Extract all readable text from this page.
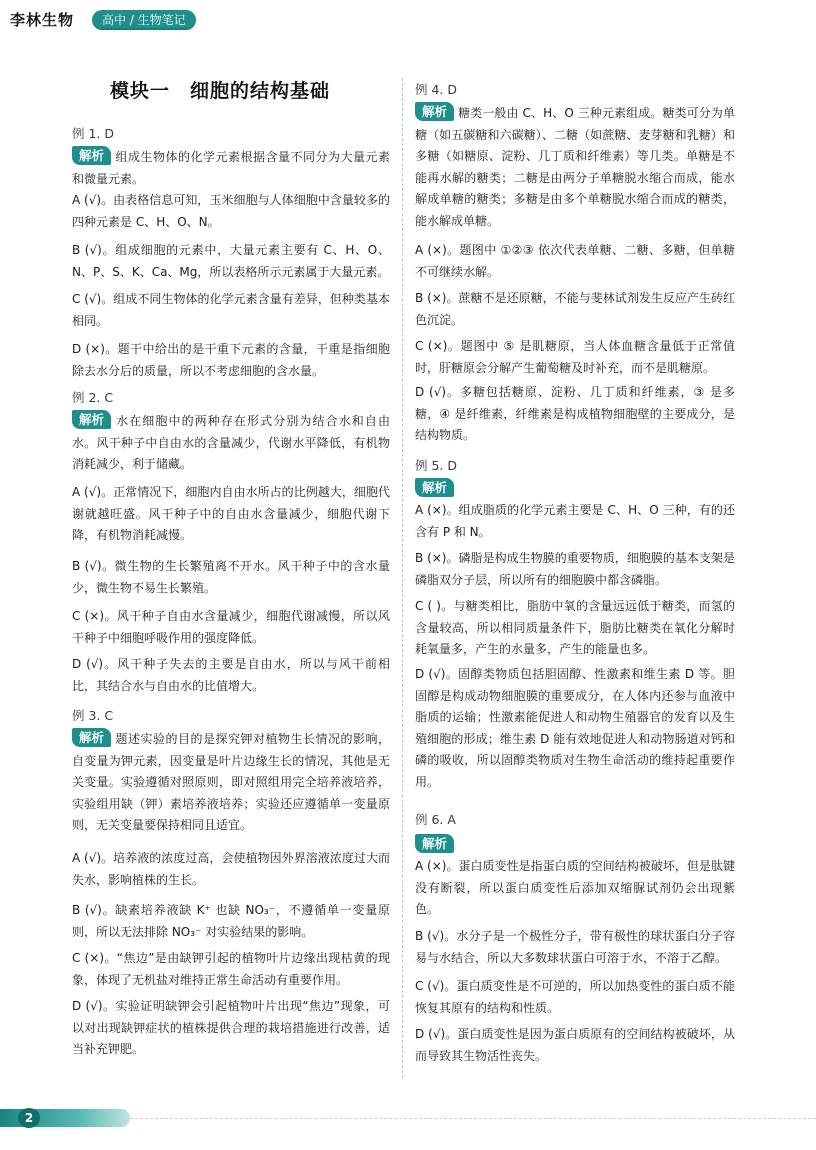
李林生物	高中 / 生物笔记
模块一　细胞的结构基础
例 1. D
解析 组成生物体的化学元素根据含量不同分为大量元素和微量元素。
A (√)。由表格信息可知，玉米细胞与人体细胞中含量较多的四种元素是 C、H、O、N。
B (√)。组成细胞的元素中，大量元素主要有 C、H、O、N、P、S、K、Ca、Mg，所以表格所示元素属于大量元素。
C (√)。组成不同生物体的化学元素含量有差异，但种类基本相同。
D (×)。题干中给出的是干重下元素的含量，干重是指细胞除去水分后的质量，所以不考虑细胞的含水量。
例 2. C
解析 水在细胞中的两种存在形式分别为结合水和自由水。风干种子中自由水的含量减少，代谢水平降低，有机物消耗减少，利于储藏。
A (√)。正常情况下，细胞内自由水所占的比例越大，细胞代谢就越旺盛。风干种子中的自由水含量减少，细胞代谢下降，有机物消耗减慢。
B (√)。微生物的生长繁殖离不开水。风干种子中的含水量少，微生物不易生长繁殖。
C (×)。风干种子自由水含量减少，细胞代谢减慢，所以风干种子中细胞呼吸作用的强度降低。
D (√)。风干种子失去的主要是自由水，所以与风干前相比，其结合水与自由水的比值增大。
例 3. C
解析 题述实验的目的是探究钾对植物生长情况的影响，自变量为钾元素，因变量是叶片边缘生长的情况，其他是无关变量。实验遵循对照原则，即对照组用完全培养液培养，实验组用缺（钾）素培养液培养；实验还应遵循单一变量原则，无关变量要保持相同且适宜。
A (√)。培养液的浓度过高，会使植物因外界溶液浓度过大而失水，影响植株的生长。
B (√)。缺素培养液缺 K⁺ 也缺 NO₃⁻，不遵循单一变量原则，所以无法排除 NO₃⁻ 对实验结果的影响。
C (×)。“焦边”是由缺钾引起的植物叶片边缘出现枯黄的现象，体现了无机盐对维持正常生命活动有重要作用。
D (√)。实验证明缺钾会引起植物叶片出现“焦边”现象，可以对出现缺钾症状的植株提供合理的栽培措施进行改善，适当补充钾肥。
例 4. D
解析 糖类一般由 C、H、O 三种元素组成。糖类可分为单糖（如五碳糖和六碳糖）、二糖（如蔗糖、麦芽糖和乳糖）和多糖（如糖原、淀粉、几丁质和纤维素）等几类。单糖是不能再水解的糖类；二糖是由两分子单糖脱水缩合而成，能水解成单糖的糖类；多糖是由多个单糖脱水缩合而成的糖类，能水解成单糖。
A (×)。题图中 ①②③ 依次代表单糖、二糖、多糖，但单糖不可继续水解。
B (×)。蔗糖不是还原糖，不能与斐林试剂发生反应产生砖红色沉淀。
C (×)。题图中 ⑤ 是肌糖原，当人体血糖含量低于正常值时，肝糖原会分解产生葡萄糖及时补充，而不是肌糖原。
D (√)。多糖包括糖原、淀粉、几丁质和纤维素，③ 是多糖，④ 是纤维素，纤维素是构成植物细胞壁的主要成分，是结构物质。
例 5. D
解析
A (×)。组成脂质的化学元素主要是 C、H、O 三种，有的还含有 P 和 N。
B (×)。磷脂是构成生物膜的重要物质，细胞膜的基本支架是磷脂双分子层，所以所有的细胞膜中都含磷脂。
C ( )。与糖类相比，脂肪中氧的含量远远低于糖类，而氢的含量较高，所以相同质量条件下，脂肪比糖类在氧化分解时耗氧量多，产生的水量多，产生的能量也多。
D (√)。固醇类物质包括胆固醇、性激素和维生素 D 等。胆固醇是构成动物细胞膜的重要成分，在人体内还参与血液中脂质的运输；性激素能促进人和动物生殖器官的发育以及生殖细胞的形成；维生素 D 能有效地促进人和动物肠道对钙和磷的吸收，所以固醇类物质对生物生命活动的维持起重要作用。
例 6. A
解析
A (×)。蛋白质变性是指蛋白质的空间结构被破坏，但是肽键没有断裂，所以蛋白质变性后添加双缩脲试剂仍会出现紫色。
B (√)。水分子是一个极性分子，带有极性的球状蛋白分子容易与水结合，所以大多数球状蛋白可溶于水，不溶于乙醇。
C (√)。蛋白质变性是不可逆的，所以加热变性的蛋白质不能恢复其原有的结构和性质。
D (√)。蛋白质变性是因为蛋白质原有的空间结构被破坏，从而导致其生物活性丧失。
2
